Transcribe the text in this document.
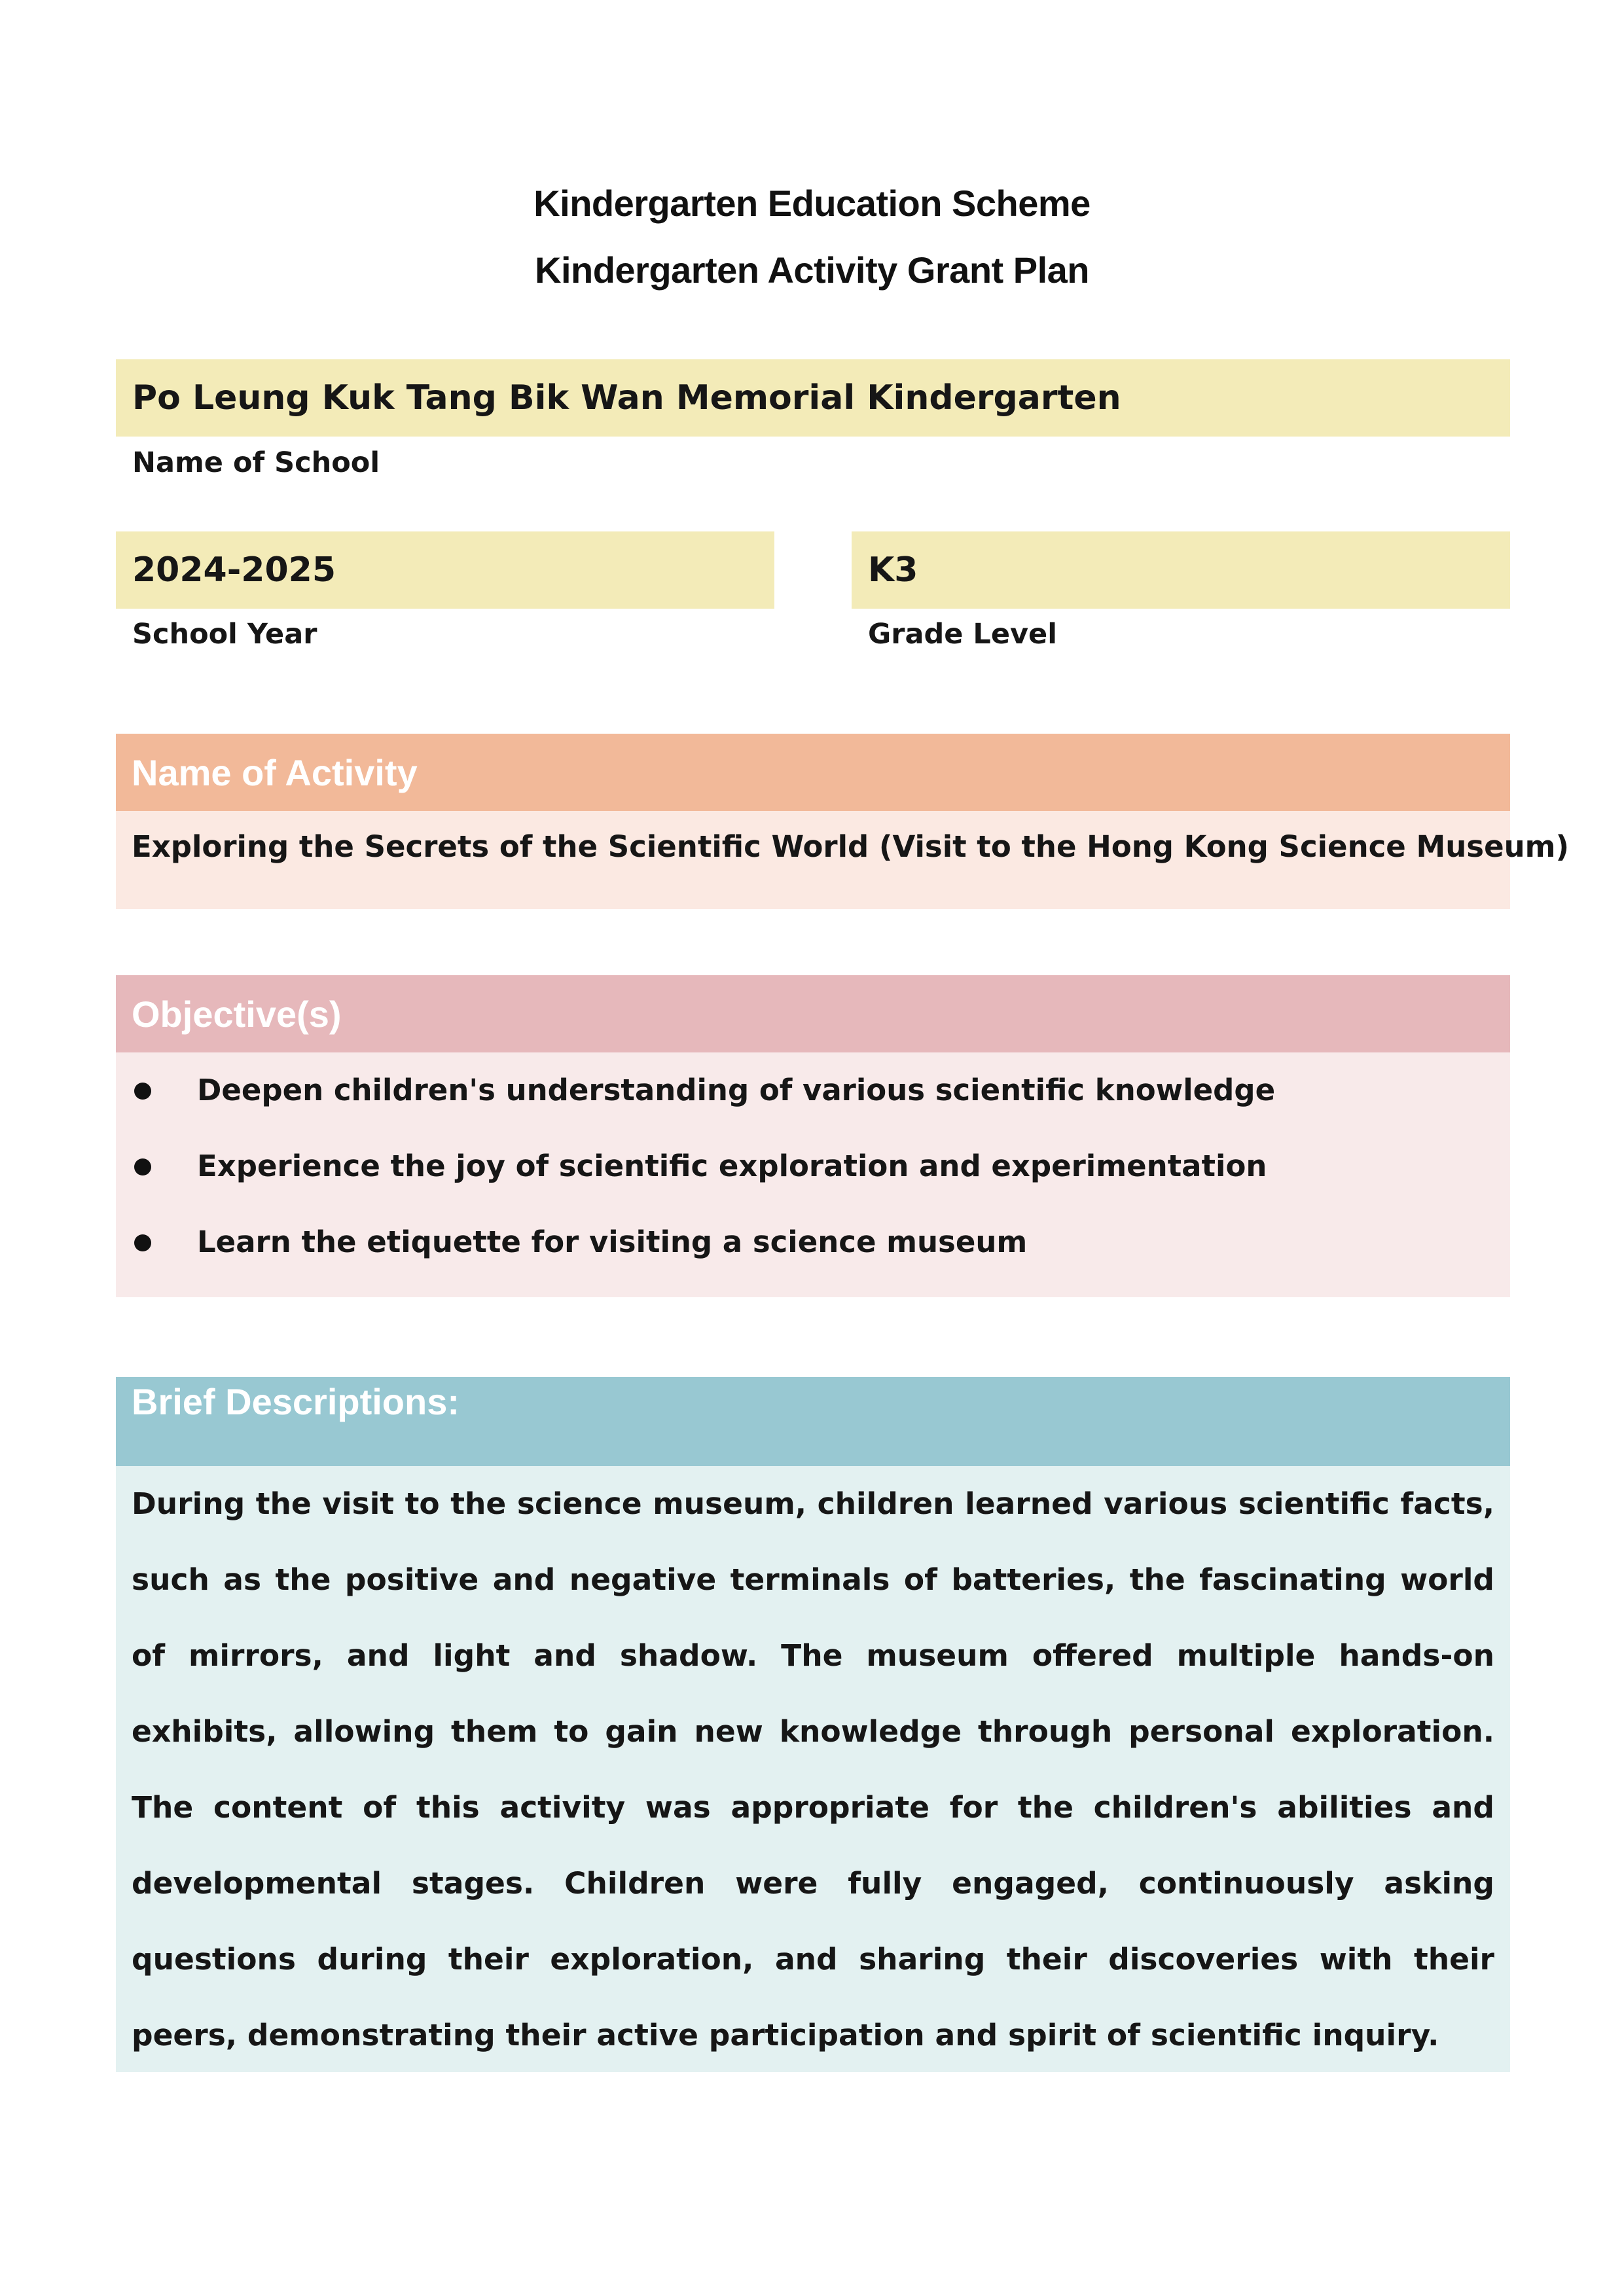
Kindergarten Education Scheme
Kindergarten Activity Grant Plan
Po Leung Kuk Tang Bik Wan Memorial Kindergarten
Name of School
2024-2025
School Year
K3
Grade Level
Name of Activity
Exploring the Secrets of the Scientific World (Visit to the Hong Kong Science Museum)
Objective(s)
Deepen children's understanding of various scientific knowledge
Experience the joy of scientific exploration and experimentation
Learn the etiquette for visiting a science museum
Brief Descriptions:

During the visit to the science museum, children learned various scientific facts, such as the positive and negative terminals of batteries, the fascinating world of mirrors, and light and shadow. The museum offered multiple hands-on exhibits, allowing them to gain new knowledge through personal exploration. The content of this activity was appropriate for the children's abilities and developmental stages. Children were fully engaged, continuously asking questions during their exploration, and sharing their discoveries with their peers, demonstrating their active participation and spirit of scientific inquiry.
